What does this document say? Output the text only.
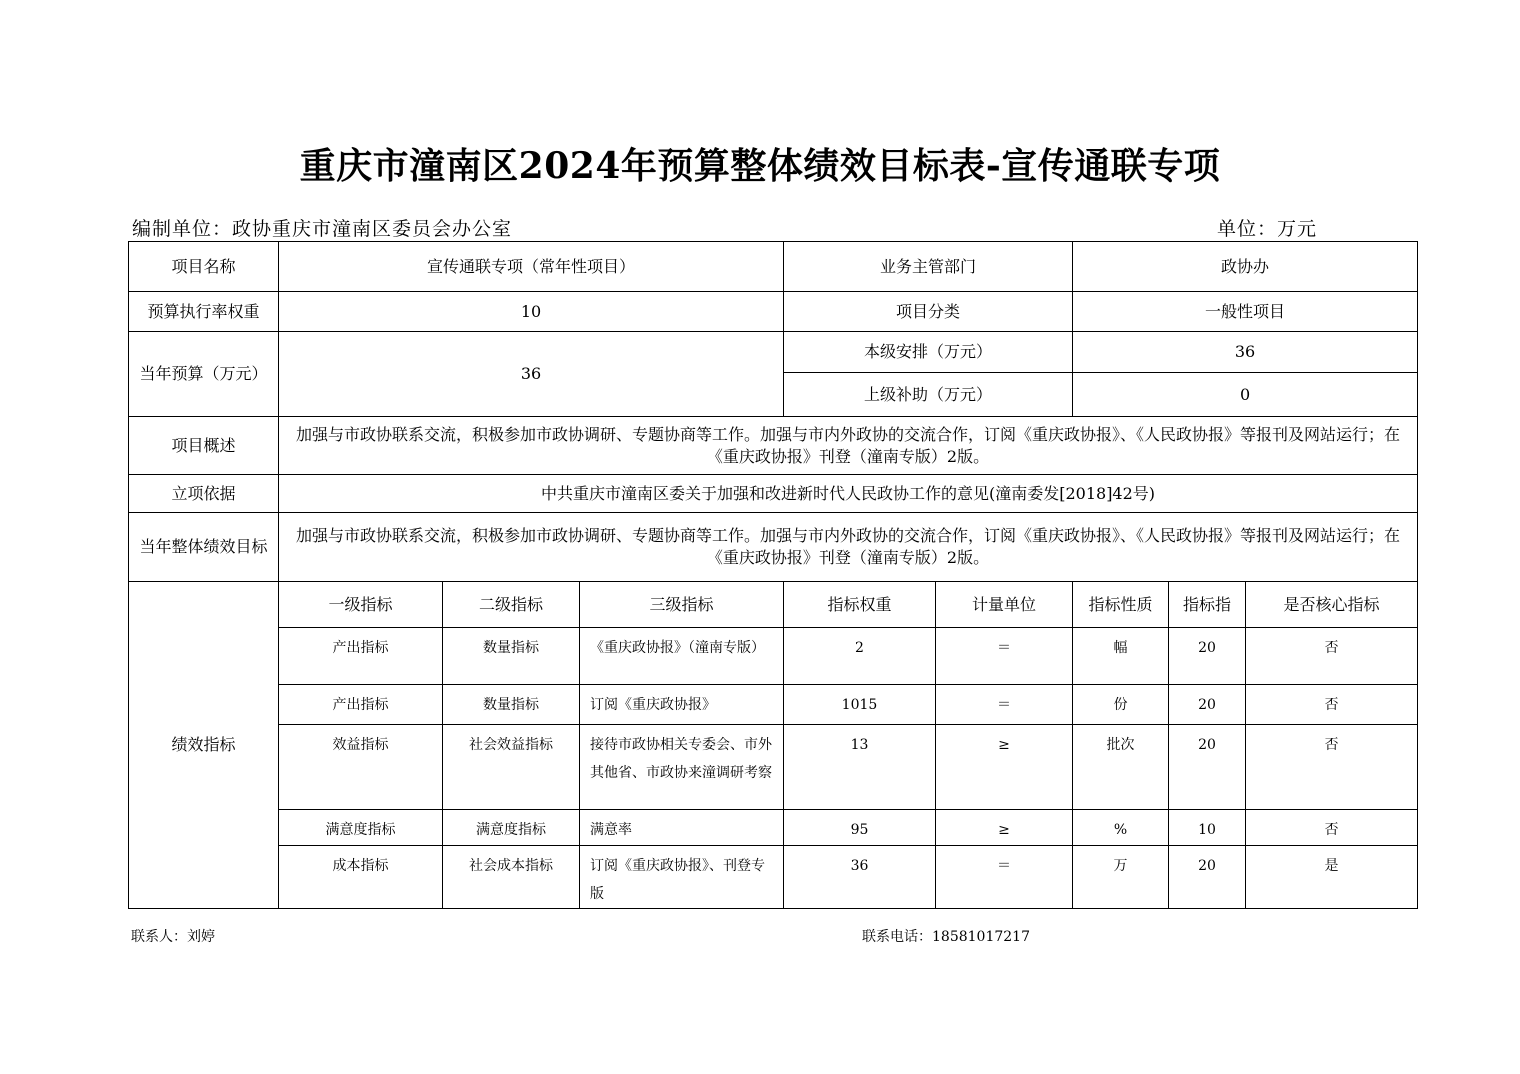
重庆市潼南区2024年预算整体绩效目标表-宣传通联专项
编制单位：政协重庆市潼南区委员会办公室	单位：万元
项目名称	宣传通联专项（常年性项目）			业务主管部门		政协办		
预算执行率权重	10			项目分类		一般性项目		
当年预算（万元）	36			本级安排（万元）		36		
				上级补助（万元）		0		
项目概述	加强与市政协联系交流，积极参加市政协调研、专题协商等工作。加强与市内外政协的交流合作，订阅《重庆政协报》、《人民政协报》等报刊及网站运行；在《重庆政协报》刊登（潼南专版）2版。							
立项依据	中共重庆市潼南区委关于加强和改进新时代人民政协工作的意见(潼南委发[2018]42号)							
当年整体绩效目标	加强与市政协联系交流，积极参加市政协调研、专题协商等工作。加强与市内外政协的交流合作，订阅《重庆政协报》、《人民政协报》等报刊及网站运行；在《重庆政协报》刊登（潼南专版）2版。							
绩效指标	一级指标	二级指标	三级指标	指标权重	计量单位	指标性质	指标指	是否核心指标
	产出指标	数量指标	《重庆政协报》（潼南专版）	2	＝	幅	20	否
	产出指标	数量指标	订阅《重庆政协报》	1015	＝	份	20	否
	效益指标	社会效益指标	接待市政协相关专委会、市外其他省、市政协来潼调研考察	13	≥	批次	20	否
	满意度指标	满意度指标	满意率	95	≥	%	10	否
	成本指标	社会成本指标	订阅《重庆政协报》、刊登专版	36	＝	万	20	是
联系人：刘婷	联系电话：18581017217
